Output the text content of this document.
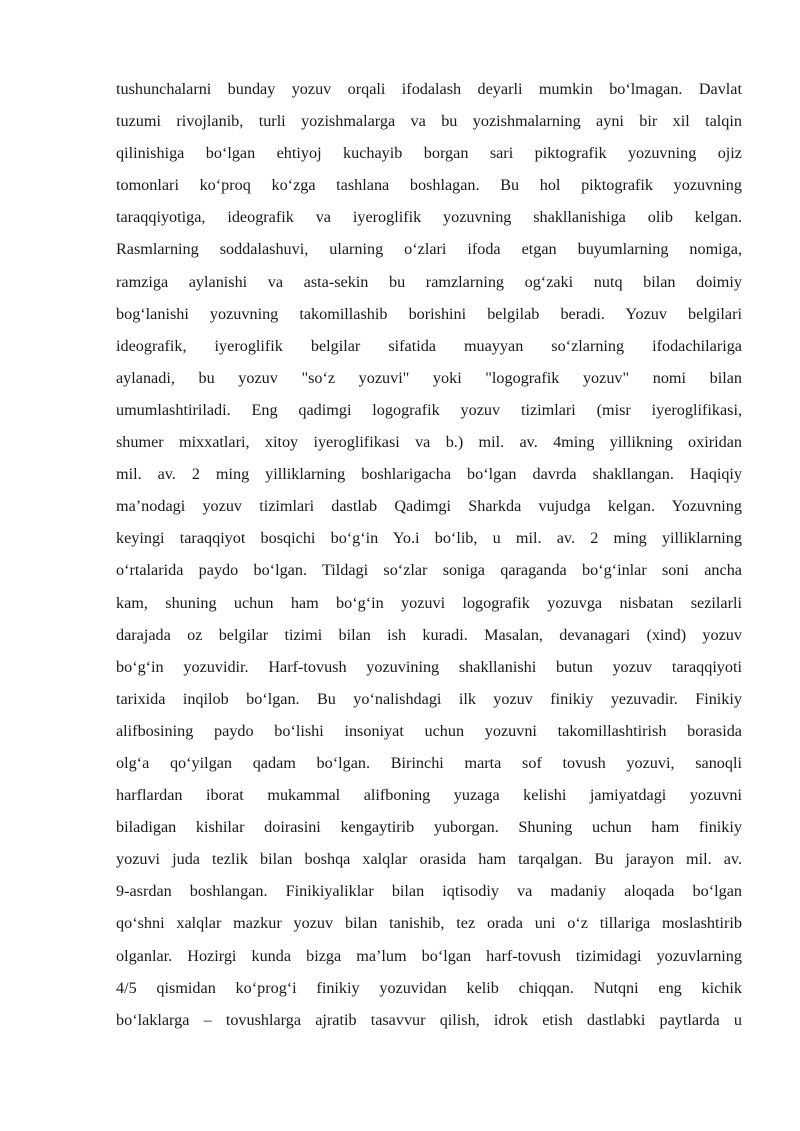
tushunchalarni bunday yozuv orqali ifodalash deyarli mumkin bo‘lmagan. Davlat
tuzumi rivojlanib, turli yozishmalarga va bu yozishmalarning ayni bir xil talqin
qilinishiga bo‘lgan ehtiyoj kuchayib borgan sari piktografik yozuvning ojiz
tomonlari ko‘proq ko‘zga tashlana boshlagan. Bu hol piktografik yozuvning
taraqqiyotiga, ideografik va iyeroglifik yozuvning shakllanishiga olib kelgan.
Rasmlarning soddalashuvi, ularning o‘zlari ifoda etgan buyumlarning nomiga,
ramziga aylanishi va asta-sekin bu ramzlarning og‘zaki nutq bilan doimiy
bog‘lanishi yozuvning takomillashib borishini belgilab beradi. Yozuv belgilari
ideografik, iyeroglifik belgilar sifatida muayyan so‘zlarning ifodachilariga
aylanadi, bu yozuv "so‘z yozuvi" yoki "logografik yozuv" nomi bilan
umumlashtiriladi. Eng qadimgi logografik yozuv tizimlari (misr iyeroglifikasi,
shumer mixxatlari, xitoy iyeroglifikasi va b.) mil. av. 4ming yillikning oxiridan
mil. av. 2 ming yilliklarning boshlarigacha bo‘lgan davrda shakllangan. Haqiqiy
ma’nodagi yozuv tizimlari dastlab Qadimgi Sharkda vujudga kelgan. Yozuvning
keyingi taraqqiyot bosqichi bo‘g‘in Yo.i bo‘lib, u mil. av. 2 ming yilliklarning
o‘rtalarida paydo bo‘lgan. Tildagi so‘zlar soniga qaraganda bo‘g‘inlar soni ancha
kam, shuning uchun ham bo‘g‘in yozuvi logografik yozuvga nisbatan sezilarli
darajada oz belgilar tizimi bilan ish kuradi. Masalan, devanagari (xind) yozuv
bo‘g‘in yozuvidir. Harf-tovush yozuvining shakllanishi butun yozuv taraqqiyoti
tarixida inqilob bo‘lgan. Bu yo‘nalishdagi ilk yozuv finikiy yezuvadir. Finikiy
alifbosining paydo bo‘lishi insoniyat uchun yozuvni takomillashtirish borasida
olg‘a qo‘yilgan qadam bo‘lgan. Birinchi marta sof tovush yozuvi, sanoqli
harflardan iborat mukammal alifboning yuzaga kelishi jamiyatdagi yozuvni
biladigan kishilar doirasini kengaytirib yuborgan. Shuning uchun ham finikiy
yozuvi juda tezlik bilan boshqa xalqlar orasida ham tarqalgan. Bu jarayon mil. av.
9-asrdan boshlangan. Finikiyaliklar bilan iqtisodiy va madaniy aloqada bo‘lgan
qo‘shni xalqlar mazkur yozuv bilan tanishib, tez orada uni o‘z tillariga moslashtirib
olganlar. Hozirgi kunda bizga ma’lum bo‘lgan harf-tovush tizimidagi yozuvlarning
4/5 qismidan ko‘prog‘i finikiy yozuvidan kelib chiqqan. Nutqni eng kichik
bo‘laklarga – tovushlarga ajratib tasavvur qilish, idrok etish dastlabki paytlarda u
